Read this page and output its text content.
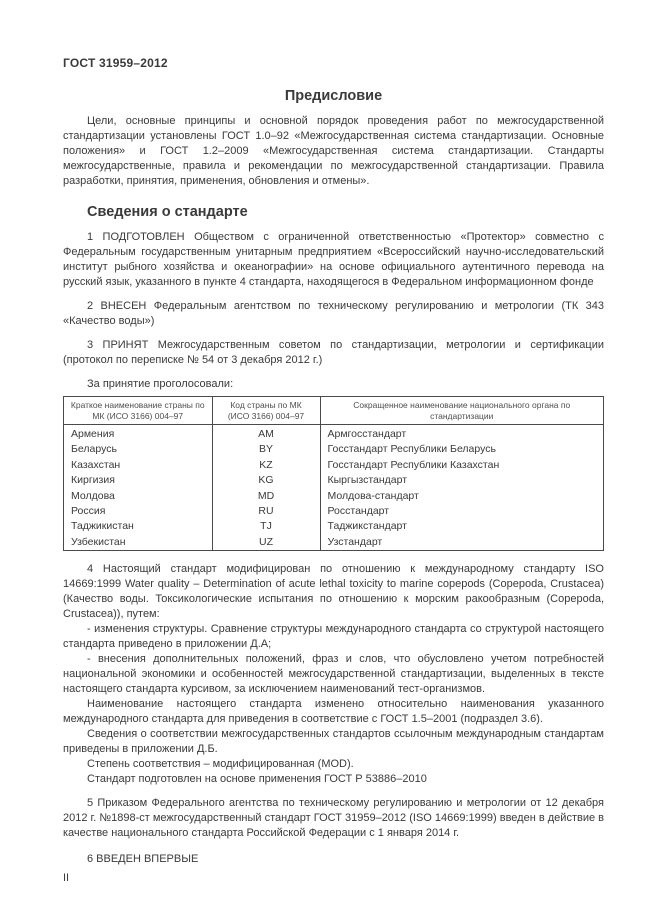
ГОСТ 31959–2012
Предисловие

Цели, основные принципы и основной порядок проведения работ по межгосударственной стандартизации установлены ГОСТ 1.0–92 «Межгосударственная система стандартизации. Основные положения» и ГОСТ 1.2–2009 «Межгосударственная система стандартизации. Стандарты межгосударственные, правила и рекомендации по межгосударственной стандартизации. Правила разработки, принятия, применения, обновления и отмены».

Сведения о стандарте

1 ПОДГОТОВЛЕН Обществом с ограниченной ответственностью «Протектор» совместно с Федеральным государственным унитарным предприятием «Всероссийский научно-исследовательский институт рыбного хозяйства и океанографии» на основе официального аутентичного перевода на русский язык, указанного в пункте 4 стандарта, находящегося в Федеральном информационном фонде

2 ВНЕСЕН Федеральным агентством по техническому регулированию и метрологии (ТК 343 «Качество воды»)

3 ПРИНЯТ Межгосударственным советом по стандартизации, метрологии и сертификации (протокол по переписке № 54 от 3 декабря 2012 г.)

За принятие проголосовали:
Краткое наименование страны по МК (ИСО 3166) 004–97	Код страны по МК (ИСО 3166) 004–97	Сокращенное наименование национального органа по стандартизации
Армения	AM	Армгосстандарт
Беларусь	BY	Госстандарт Республики Беларусь
Казахстан	KZ	Госстандарт Республики Казахстан
Киргизия	KG	Кыргызстандарт
Молдова	MD	Молдова-стандарт
Россия	RU	Росстандарт
Таджикистан	TJ	Таджикстандарт
Узбекистан	UZ	Узстандарт

4 Настоящий стандарт модифицирован по отношению к международному стандарту ISO 14669:1999 Water quality – Determination of acute lethal toxicity to marine copepods (Copepoda, Crustacea) (Качество воды. Токсикологические испытания по отношению к морским ракообразным (Copepoda, Crustacea)), путем:

- изменения структуры. Сравнение структуры международного стандарта со структурой настоящего стандарта приведено в приложении Д.А;

- внесения дополнительных положений, фраз и слов, что обусловлено учетом потребностей национальной экономики и особенностей межгосударственной стандартизации, выделенных в тексте настоящего стандарта курсивом, за исключением наименований тест-организмов.

Наименование настоящего стандарта изменено относительно наименования указанного международного стандарта для приведения в соответствие с ГОСТ 1.5–2001 (подраздел 3.6).

Сведения о соответствии межгосударственных стандартов ссылочным международным стандартам приведены в приложении Д.Б.

Степень соответствия – модифицированная (MOD).

Стандарт подготовлен на основе применения ГОСТ Р 53886–2010

5 Приказом Федерального агентства по техническому регулированию и метрологии от 12 декабря 2012 г. №1898-ст межгосударственный стандарт ГОСТ 31959–2012 (ISO 14669:1999) введен в действие в качестве национального стандарта Российской Федерации с 1 января 2014 г.

6 ВВЕДЕН ВПЕРВЫЕ

II
